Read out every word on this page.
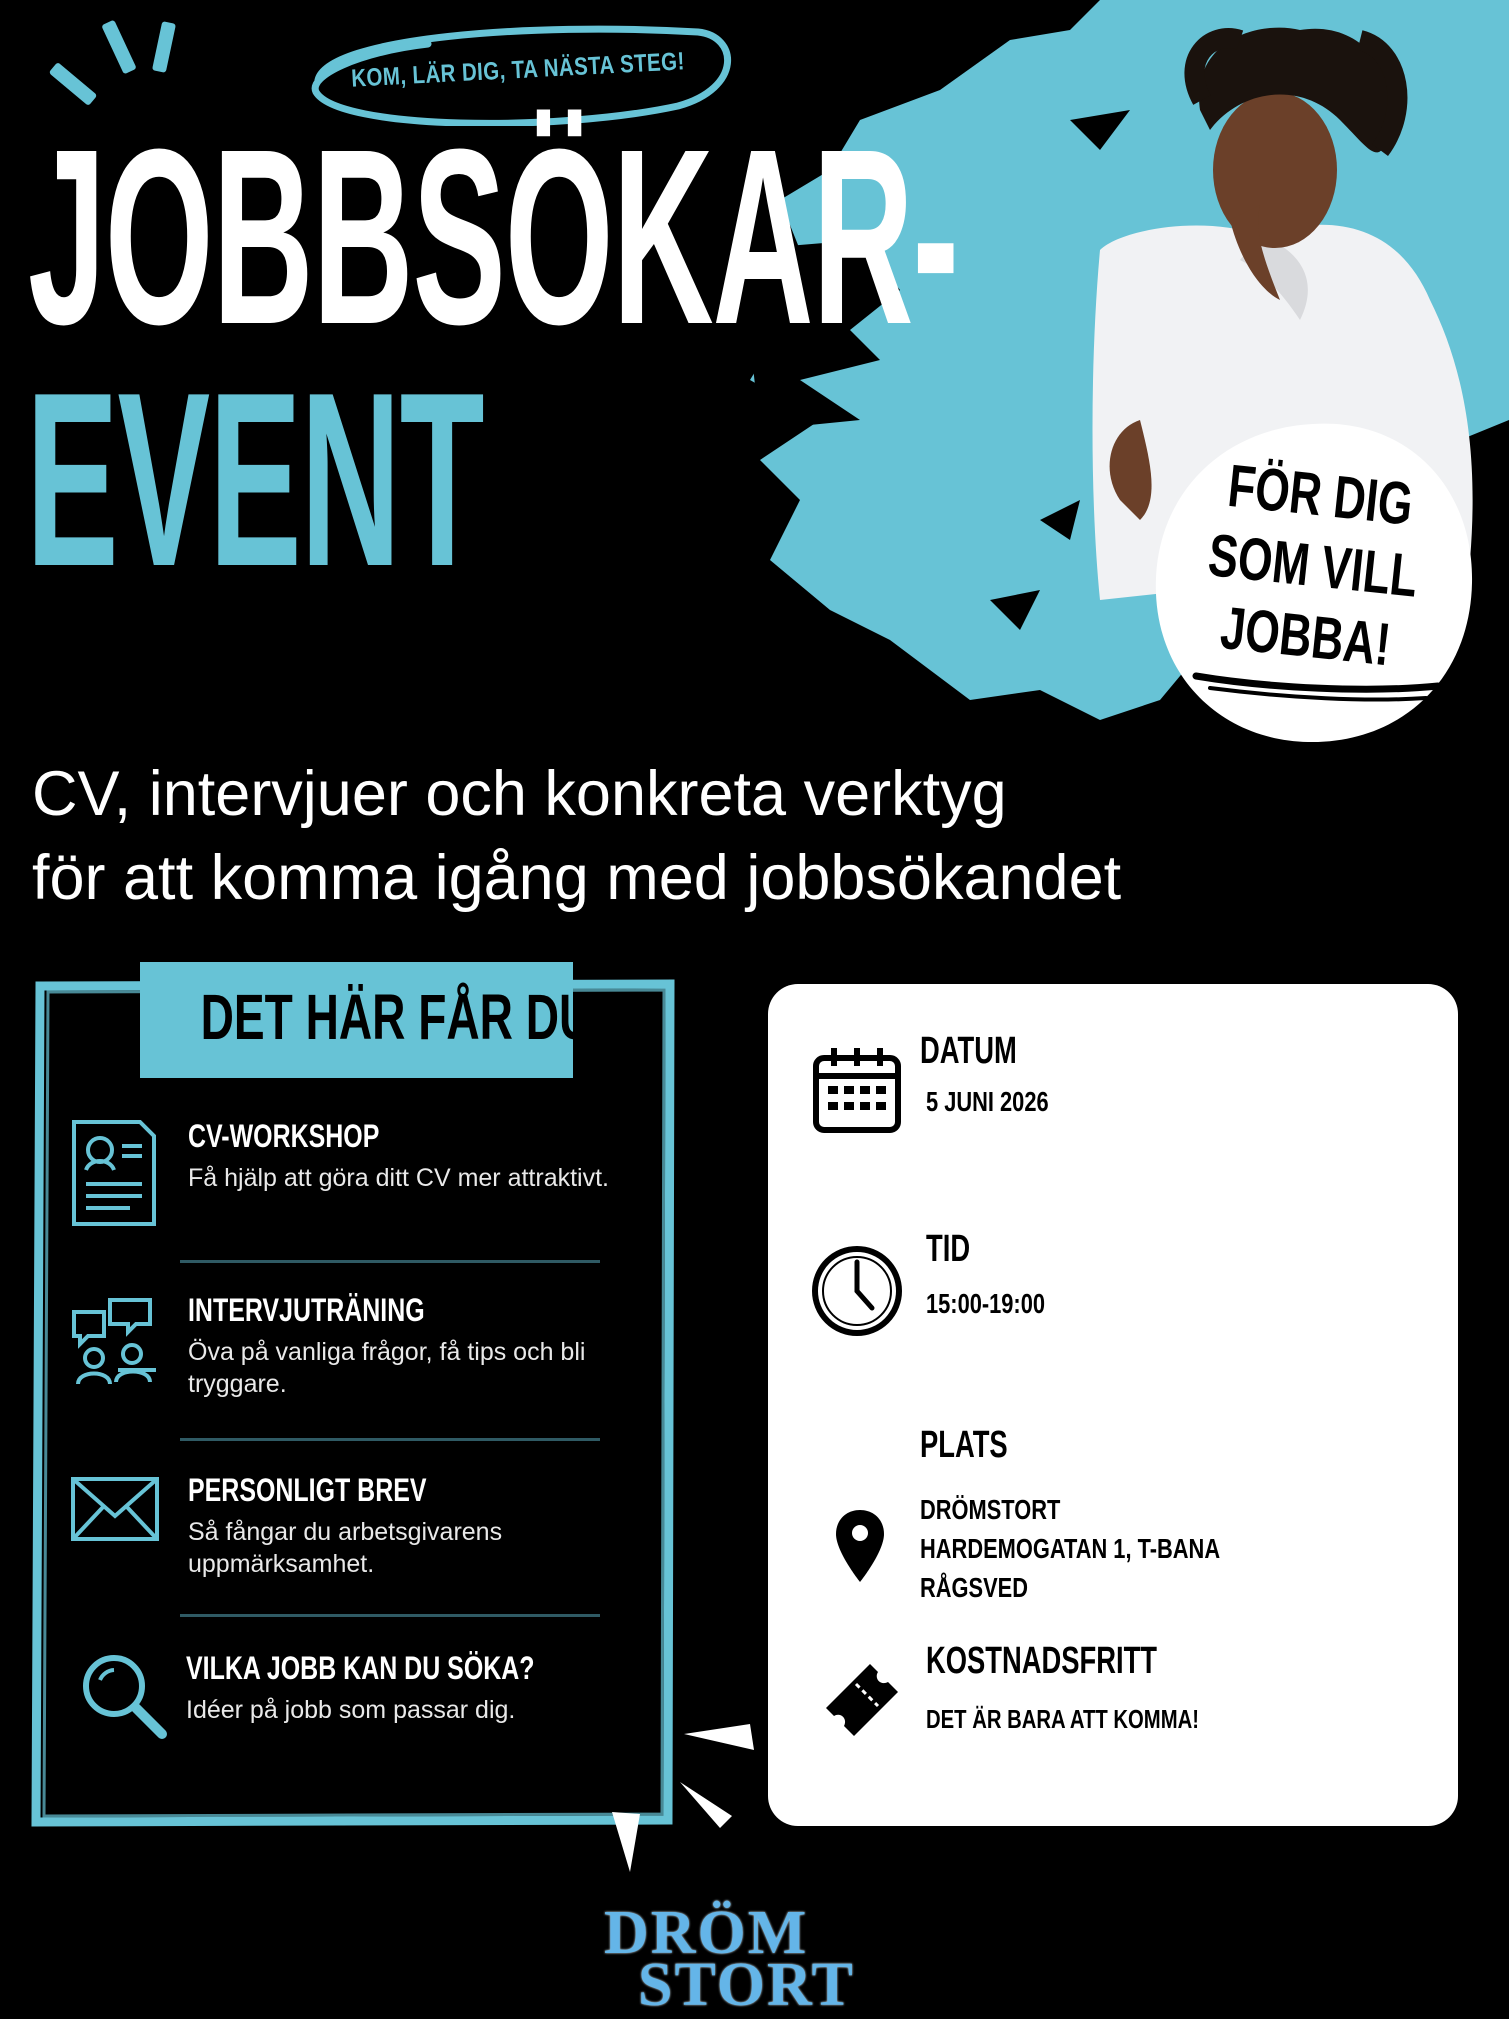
KOM, LÄR DIG, TA NÄSTA STEG!
JOBBSÖKAR-
EVENT	FÖR DIG
SOM VILL
JOBBA!
CV, intervjuer och konkreta verktyg
för att komma igång med jobbsökandet
DET HÄR FÅR DU:
CV-WORKSHOP
Få hjälp att göra ditt CV mer attraktivt.
INTERVJUTRÄNING
Öva på vanliga frågor, få tips och bli tryggare.
PERSONLIGT BREV
Så fångar du arbetsgivarens uppmärksamhet.
VILKA JOBB KAN DU SÖKA?
Idéer på jobb som passar dig.
DATUM
5 JUNI 2026
TID
15:00-19:00
PLATS
DRÖMSTORT
HARDEMOGATAN 1, T-BANA
RÅGSVED
KOSTNADSFRITT
DET ÄR BARA ATT KOMMA!
DRÖM
STORT
